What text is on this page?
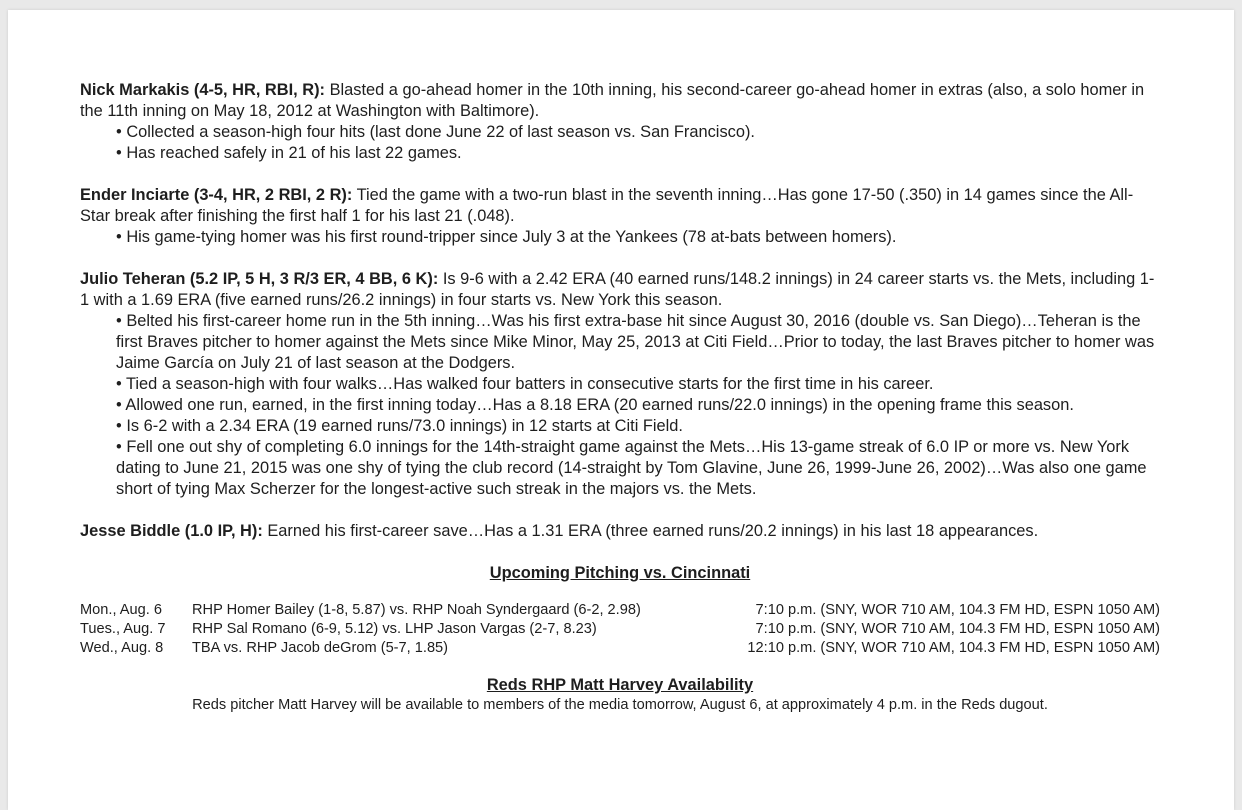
Nick Markakis (4-5, HR, RBI, R): Blasted a go-ahead homer in the 10th inning, his second-career go-ahead homer in extras (also, a solo homer in the 11th inning on May 18, 2012 at Washington with Baltimore).

• Collected a season-high four hits (last done June 22 of last season vs. San Francisco).
• Has reached safely in 21 of his last 22 games.

Ender Inciarte (3-4, HR, 2 RBI, 2 R): Tied the game with a two-run blast in the seventh inning…Has gone 17-50 (.350) in 14 games since the All-Star break after finishing the first half 1 for his last 21 (.048).

• His game-tying homer was his first round-tripper since July 3 at the Yankees (78 at-bats between homers).

Julio Teheran (5.2 IP, 5 H, 3 R/3 ER, 4 BB, 6 K): Is 9-6 with a 2.42 ERA (40 earned runs/148.2 innings) in 24 career starts vs. the Mets, including 1-1 with a 1.69 ERA (five earned runs/26.2 innings) in four starts vs. New York this season.

• Belted his first-career home run in the 5th inning…Was his first extra-base hit since August 30, 2016 (double vs. San Diego)…Teheran is the first Braves pitcher to homer against the Mets since Mike Minor, May 25, 2013 at Citi Field…Prior to today, the last Braves pitcher to homer was Jaime García on July 21 of last season at the Dodgers.
• Tied a season-high with four walks…Has walked four batters in consecutive starts for the first time in his career.
• Allowed one run, earned, in the first inning today…Has a 8.18 ERA (20 earned runs/22.0 innings) in the opening frame this season.
• Is 6-2 with a 2.34 ERA (19 earned runs/73.0 innings) in 12 starts at Citi Field.
• Fell one out shy of completing 6.0 innings for the 14th-straight game against the Mets…His 13-game streak of 6.0 IP or more vs. New York dating to June 21, 2015 was one shy of tying the club record (14-straight by Tom Glavine, June 26, 1999-June 26, 2002)…Was also one game short of tying Max Scherzer for the longest-active such streak in the majors vs. the Mets.

Jesse Biddle (1.0 IP, H): Earned his first-career save…Has a 1.31 ERA (three earned runs/20.2 innings) in his last 18 appearances.

Upcoming Pitching vs. Cincinnati

Mon., Aug. 6	RHP Homer Bailey (1-8, 5.87) vs. RHP Noah Syndergaard (6-2, 2.98)	7:10 p.m. (SNY, WOR 710 AM, 104.3 FM HD, ESPN 1050 AM)
Tues., Aug. 7	RHP Sal Romano (6-9, 5.12) vs. LHP Jason Vargas (2-7, 8.23)	7:10 p.m. (SNY, WOR 710 AM, 104.3 FM HD, ESPN 1050 AM)
Wed., Aug. 8	TBA vs. RHP Jacob deGrom (5-7, 1.85)	12:10 p.m. (SNY, WOR 710 AM, 104.3 FM HD, ESPN 1050 AM)

Reds RHP Matt Harvey Availability

Reds pitcher Matt Harvey will be available to members of the media tomorrow, August 6, at approximately 4 p.m. in the Reds dugout.
